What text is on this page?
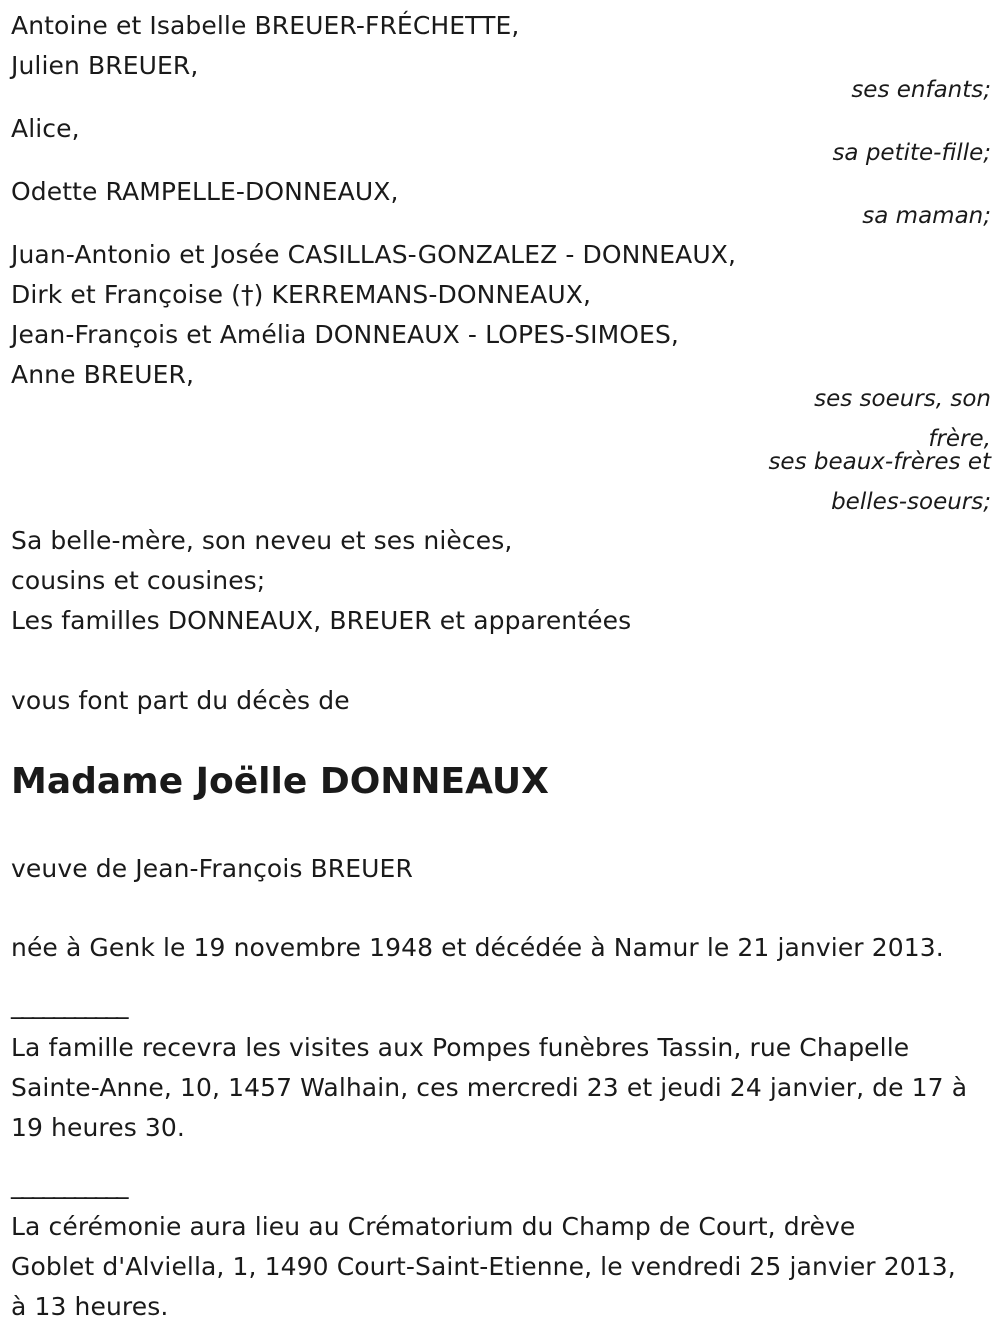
Antoine et Isabelle BREUER-FRÉCHETTE,
Julien BREUER,
ses enfants;
Alice,
sa petite-fille;
Odette RAMPELLE-DONNEAUX,
sa maman;
Juan-Antonio et Josée CASILLAS-GONZALEZ - DONNEAUX,
Dirk et Françoise (†) KERREMANS-DONNEAUX,
Jean-François et Amélia DONNEAUX - LOPES-SIMOES,
Anne BREUER,
ses soeurs, son
frère,
ses beaux-frères et
belles-soeurs;
Sa belle-mère, son neveu et ses nièces,
cousins et cousines;
Les familles DONNEAUX, BREUER et apparentées
vous font part du décès de
Madame Joëlle DONNEAUX
veuve de Jean-François BREUER
née à Genk le 19 novembre 1948 et décédée à Namur le 21 janvier 2013.
___________
La famille recevra les visites aux Pompes funèbres Tassin, rue Chapelle
Sainte-Anne, 10, 1457 Walhain, ces mercredi 23 et jeudi 24 janvier, de 17 à
19 heures 30.
___________
La cérémonie aura lieu au Crématorium du Champ de Court, drève
Goblet d'Alviella, 1, 1490 Court-Saint-Etienne, le vendredi 25 janvier 2013,
à 13 heures.
